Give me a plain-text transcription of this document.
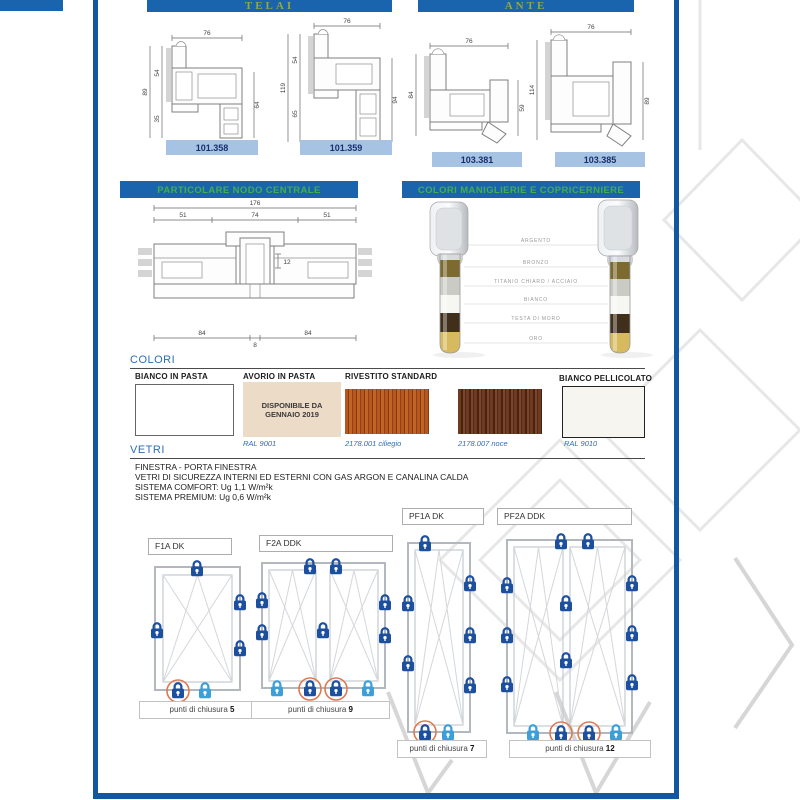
TELAI	ANTE
76
89
54
35
64
101.358
76
119
54
65
94
101.359
76
84
59
103.381
76
114
89
103.385
PARTICOLARE NODO CENTRALE	COLORI MANIGLIERIE E COPRICERNIERE
176
51	74	51
12
84
8
84
ARGENTO
BRONZO
TITANIO CHIARO / ACCIAIO
BIANCO
TESTA DI MORO
ORO
COLORI
BIANCO IN PASTA	AVORIO IN PASTA
DISPONIBILE DA
GENNAIO 2019
RAL 9001
RIVESTITO STANDARD
2178.001 ciliegio	2178.007 noce
BIANCO PELLICOLATO
RAL 9010
VETRI
FINESTRA - PORTA FINESTRA
VETRI DI SICUREZZA INTERNI ED ESTERNI CON GAS ARGON E CANALINA CALDA
SISTEMA COMFORT: Ug 1,1 W/m²k
SISTEMA PREMIUM: Ug 0,6 W/m²k
PF1A DK	PF2A DDK
F1A DK	F2A DDK
punti di chiusura 5	punti di chiusura 9
punti di chiusura 7	punti di chiusura 12
